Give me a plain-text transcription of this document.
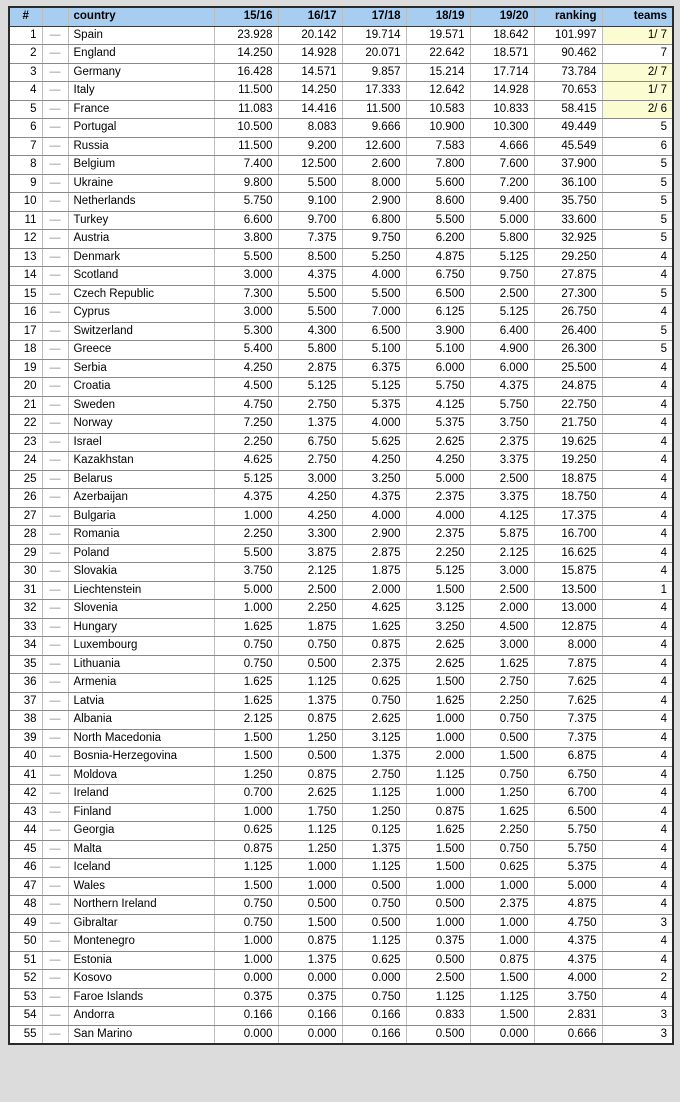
#		country	15/16	16/17	17/18	18/19	19/20	ranking	teams
1	—	Spain	23.928	20.142	19.714	19.571	18.642	101.997	1/ 7
2	—	England	14.250	14.928	20.071	22.642	18.571	90.462	7
3	—	Germany	16.428	14.571	9.857	15.214	17.714	73.784	2/ 7
4	—	Italy	11.500	14.250	17.333	12.642	14.928	70.653	1/ 7
5	—	France	11.083	14.416	11.500	10.583	10.833	58.415	2/ 6
6	—	Portugal	10.500	8.083	9.666	10.900	10.300	49.449	5
7	—	Russia	11.500	9.200	12.600	7.583	4.666	45.549	6
8	—	Belgium	7.400	12.500	2.600	7.800	7.600	37.900	5
9	—	Ukraine	9.800	5.500	8.000	5.600	7.200	36.100	5
10	—	Netherlands	5.750	9.100	2.900	8.600	9.400	35.750	5
11	—	Turkey	6.600	9.700	6.800	5.500	5.000	33.600	5
12	—	Austria	3.800	7.375	9.750	6.200	5.800	32.925	5
13	—	Denmark	5.500	8.500	5.250	4.875	5.125	29.250	4
14	—	Scotland	3.000	4.375	4.000	6.750	9.750	27.875	4
15	—	Czech Republic	7.300	5.500	5.500	6.500	2.500	27.300	5
16	—	Cyprus	3.000	5.500	7.000	6.125	5.125	26.750	4
17	—	Switzerland	5.300	4.300	6.500	3.900	6.400	26.400	5
18	—	Greece	5.400	5.800	5.100	5.100	4.900	26.300	5
19	—	Serbia	4.250	2.875	6.375	6.000	6.000	25.500	4
20	—	Croatia	4.500	5.125	5.125	5.750	4.375	24.875	4
21	—	Sweden	4.750	2.750	5.375	4.125	5.750	22.750	4
22	—	Norway	7.250	1.375	4.000	5.375	3.750	21.750	4
23	—	Israel	2.250	6.750	5.625	2.625	2.375	19.625	4
24	—	Kazakhstan	4.625	2.750	4.250	4.250	3.375	19.250	4
25	—	Belarus	5.125	3.000	3.250	5.000	2.500	18.875	4
26	—	Azerbaijan	4.375	4.250	4.375	2.375	3.375	18.750	4
27	—	Bulgaria	1.000	4.250	4.000	4.000	4.125	17.375	4
28	—	Romania	2.250	3.300	2.900	2.375	5.875	16.700	4
29	—	Poland	5.500	3.875	2.875	2.250	2.125	16.625	4
30	—	Slovakia	3.750	2.125	1.875	5.125	3.000	15.875	4
31	—	Liechtenstein	5.000	2.500	2.000	1.500	2.500	13.500	1
32	—	Slovenia	1.000	2.250	4.625	3.125	2.000	13.000	4
33	—	Hungary	1.625	1.875	1.625	3.250	4.500	12.875	4
34	—	Luxembourg	0.750	0.750	0.875	2.625	3.000	8.000	4
35	—	Lithuania	0.750	0.500	2.375	2.625	1.625	7.875	4
36	—	Armenia	1.625	1.125	0.625	1.500	2.750	7.625	4
37	—	Latvia	1.625	1.375	0.750	1.625	2.250	7.625	4
38	—	Albania	2.125	0.875	2.625	1.000	0.750	7.375	4
39	—	North Macedonia	1.500	1.250	3.125	1.000	0.500	7.375	4
40	—	Bosnia-Herzegovina	1.500	0.500	1.375	2.000	1.500	6.875	4
41	—	Moldova	1.250	0.875	2.750	1.125	0.750	6.750	4
42	—	Ireland	0.700	2.625	1.125	1.000	1.250	6.700	4
43	—	Finland	1.000	1.750	1.250	0.875	1.625	6.500	4
44	—	Georgia	0.625	1.125	0.125	1.625	2.250	5.750	4
45	—	Malta	0.875	1.250	1.375	1.500	0.750	5.750	4
46	—	Iceland	1.125	1.000	1.125	1.500	0.625	5.375	4
47	—	Wales	1.500	1.000	0.500	1.000	1.000	5.000	4
48	—	Northern Ireland	0.750	0.500	0.750	0.500	2.375	4.875	4
49	—	Gibraltar	0.750	1.500	0.500	1.000	1.000	4.750	3
50	—	Montenegro	1.000	0.875	1.125	0.375	1.000	4.375	4
51	—	Estonia	1.000	1.375	0.625	0.500	0.875	4.375	4
52	—	Kosovo	0.000	0.000	0.000	2.500	1.500	4.000	2
53	—	Faroe Islands	0.375	0.375	0.750	1.125	1.125	3.750	4
54	—	Andorra	0.166	0.166	0.166	0.833	1.500	2.831	3
55	—	San Marino	0.000	0.000	0.166	0.500	0.000	0.666	3
